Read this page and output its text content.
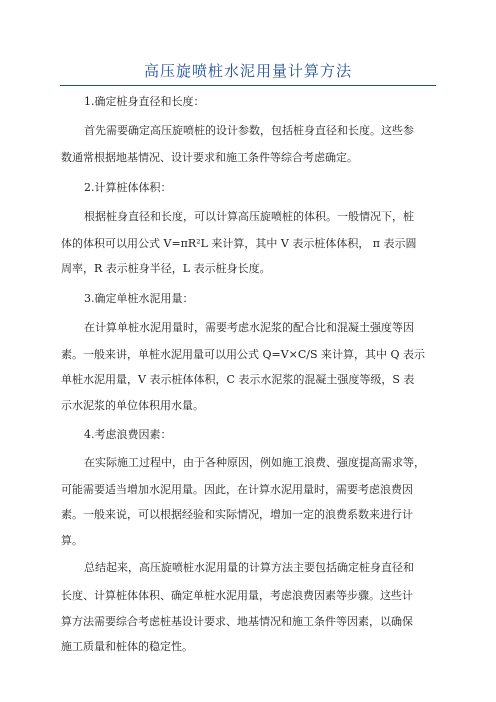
高压旋喷桩水泥用量计算方法
1.确定桩身直径和长度：
首先需要确定高压旋喷桩的设计参数，包括桩身直径和长度。这些参
数通常根据地基情况、设计要求和施工条件等综合考虑确定。
2.计算桩体体积：
根据桩身直径和长度，可以计算高压旋喷桩的体积。一般情况下，桩
体的体积可以用公式 V=πR²L 来计算，其中 V 表示桩体体积， π 表示圆
周率，R 表示桩身半径，L 表示桩身长度。
3.确定单桩水泥用量：
在计算单桩水泥用量时，需要考虑水泥浆的配合比和混凝土强度等因
素。一般来讲，单桩水泥用量可以用公式 Q=V×C/S 来计算，其中 Q 表示
单桩水泥用量，V 表示桩体体积，C 表示水泥浆的混凝土强度等级，S 表
示水泥浆的单位体积用水量。
4.考虑浪费因素：
在实际施工过程中，由于各种原因，例如施工浪费、强度提高需求等，
可能需要适当增加水泥用量。因此，在计算水泥用量时，需要考虑浪费因
素。一般来说，可以根据经验和实际情况，增加一定的浪费系数来进行计
算。
总结起来，高压旋喷桩水泥用量的计算方法主要包括确定桩身直径和
长度、计算桩体体积、确定单桩水泥用量，考虑浪费因素等步骤。这些计
算方法需要综合考虑桩基设计要求、地基情况和施工条件等因素，以确保
施工质量和桩体的稳定性。
